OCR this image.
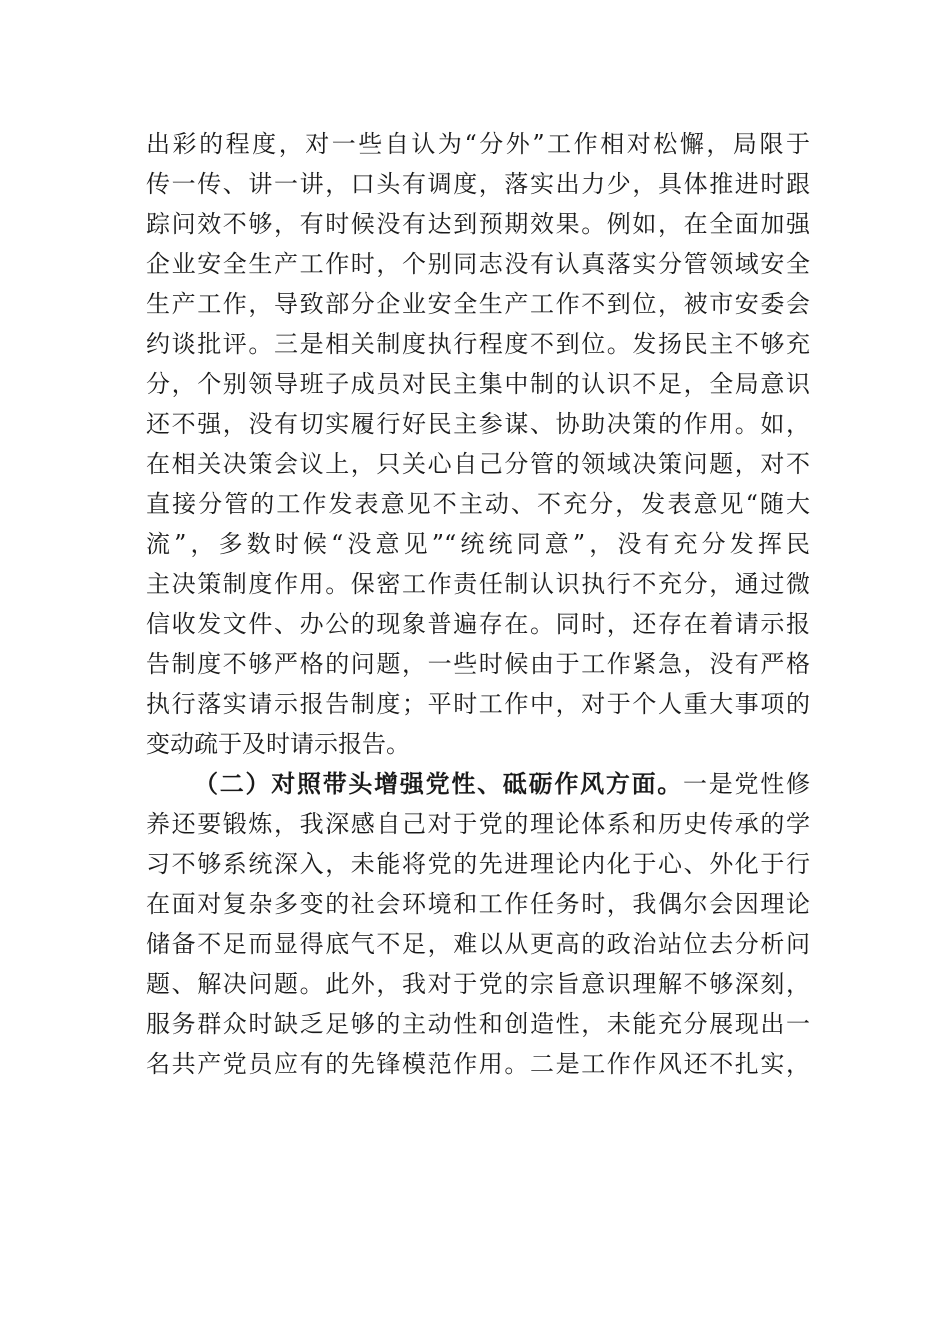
出彩的程度，对一些自认为“分外”工作相对松懈，局限于
传一传、讲一讲，口头有调度，落实出力少，具体推进时跟
踪问效不够，有时候没有达到预期效果。例如，在全面加强
企业安全生产工作时，个别同志没有认真落实分管领域安全
生产工作，导致部分企业安全生产工作不到位，被市安委会
约谈批评。三是相关制度执行程度不到位。发扬民主不够充
分，个别领导班子成员对民主集中制的认识不足，全局意识
还不强，没有切实履行好民主参谋、协助决策的作用。如，
在相关决策会议上，只关心自己分管的领域决策问题，对不
直接分管的工作发表意见不主动、不充分，发表意见“随大
流”，多数时候“没意见”“统统同意”，没有充分发挥民
主决策制度作用。保密工作责任制认识执行不充分，通过微
信收发文件、办公的现象普遍存在。同时，还存在着请示报
告制度不够严格的问题，一些时候由于工作紧急，没有严格
执行落实请示报告制度；平时工作中，对于个人重大事项的
变动疏于及时请示报告。
（二）对照带头增强党性、砥砺作风方面。一是党性修
养还要锻炼，我深感自己对于党的理论体系和历史传承的学
习不够系统深入，未能将党的先进理论内化于心、外化于行
在面对复杂多变的社会环境和工作任务时，我偶尔会因理论
储备不足而显得底气不足，难以从更高的政治站位去分析问
题、解决问题。此外，我对于党的宗旨意识理解不够深刻，
服务群众时缺乏足够的主动性和创造性，未能充分展现出一
名共产党员应有的先锋模范作用。二是工作作风还不扎实，
